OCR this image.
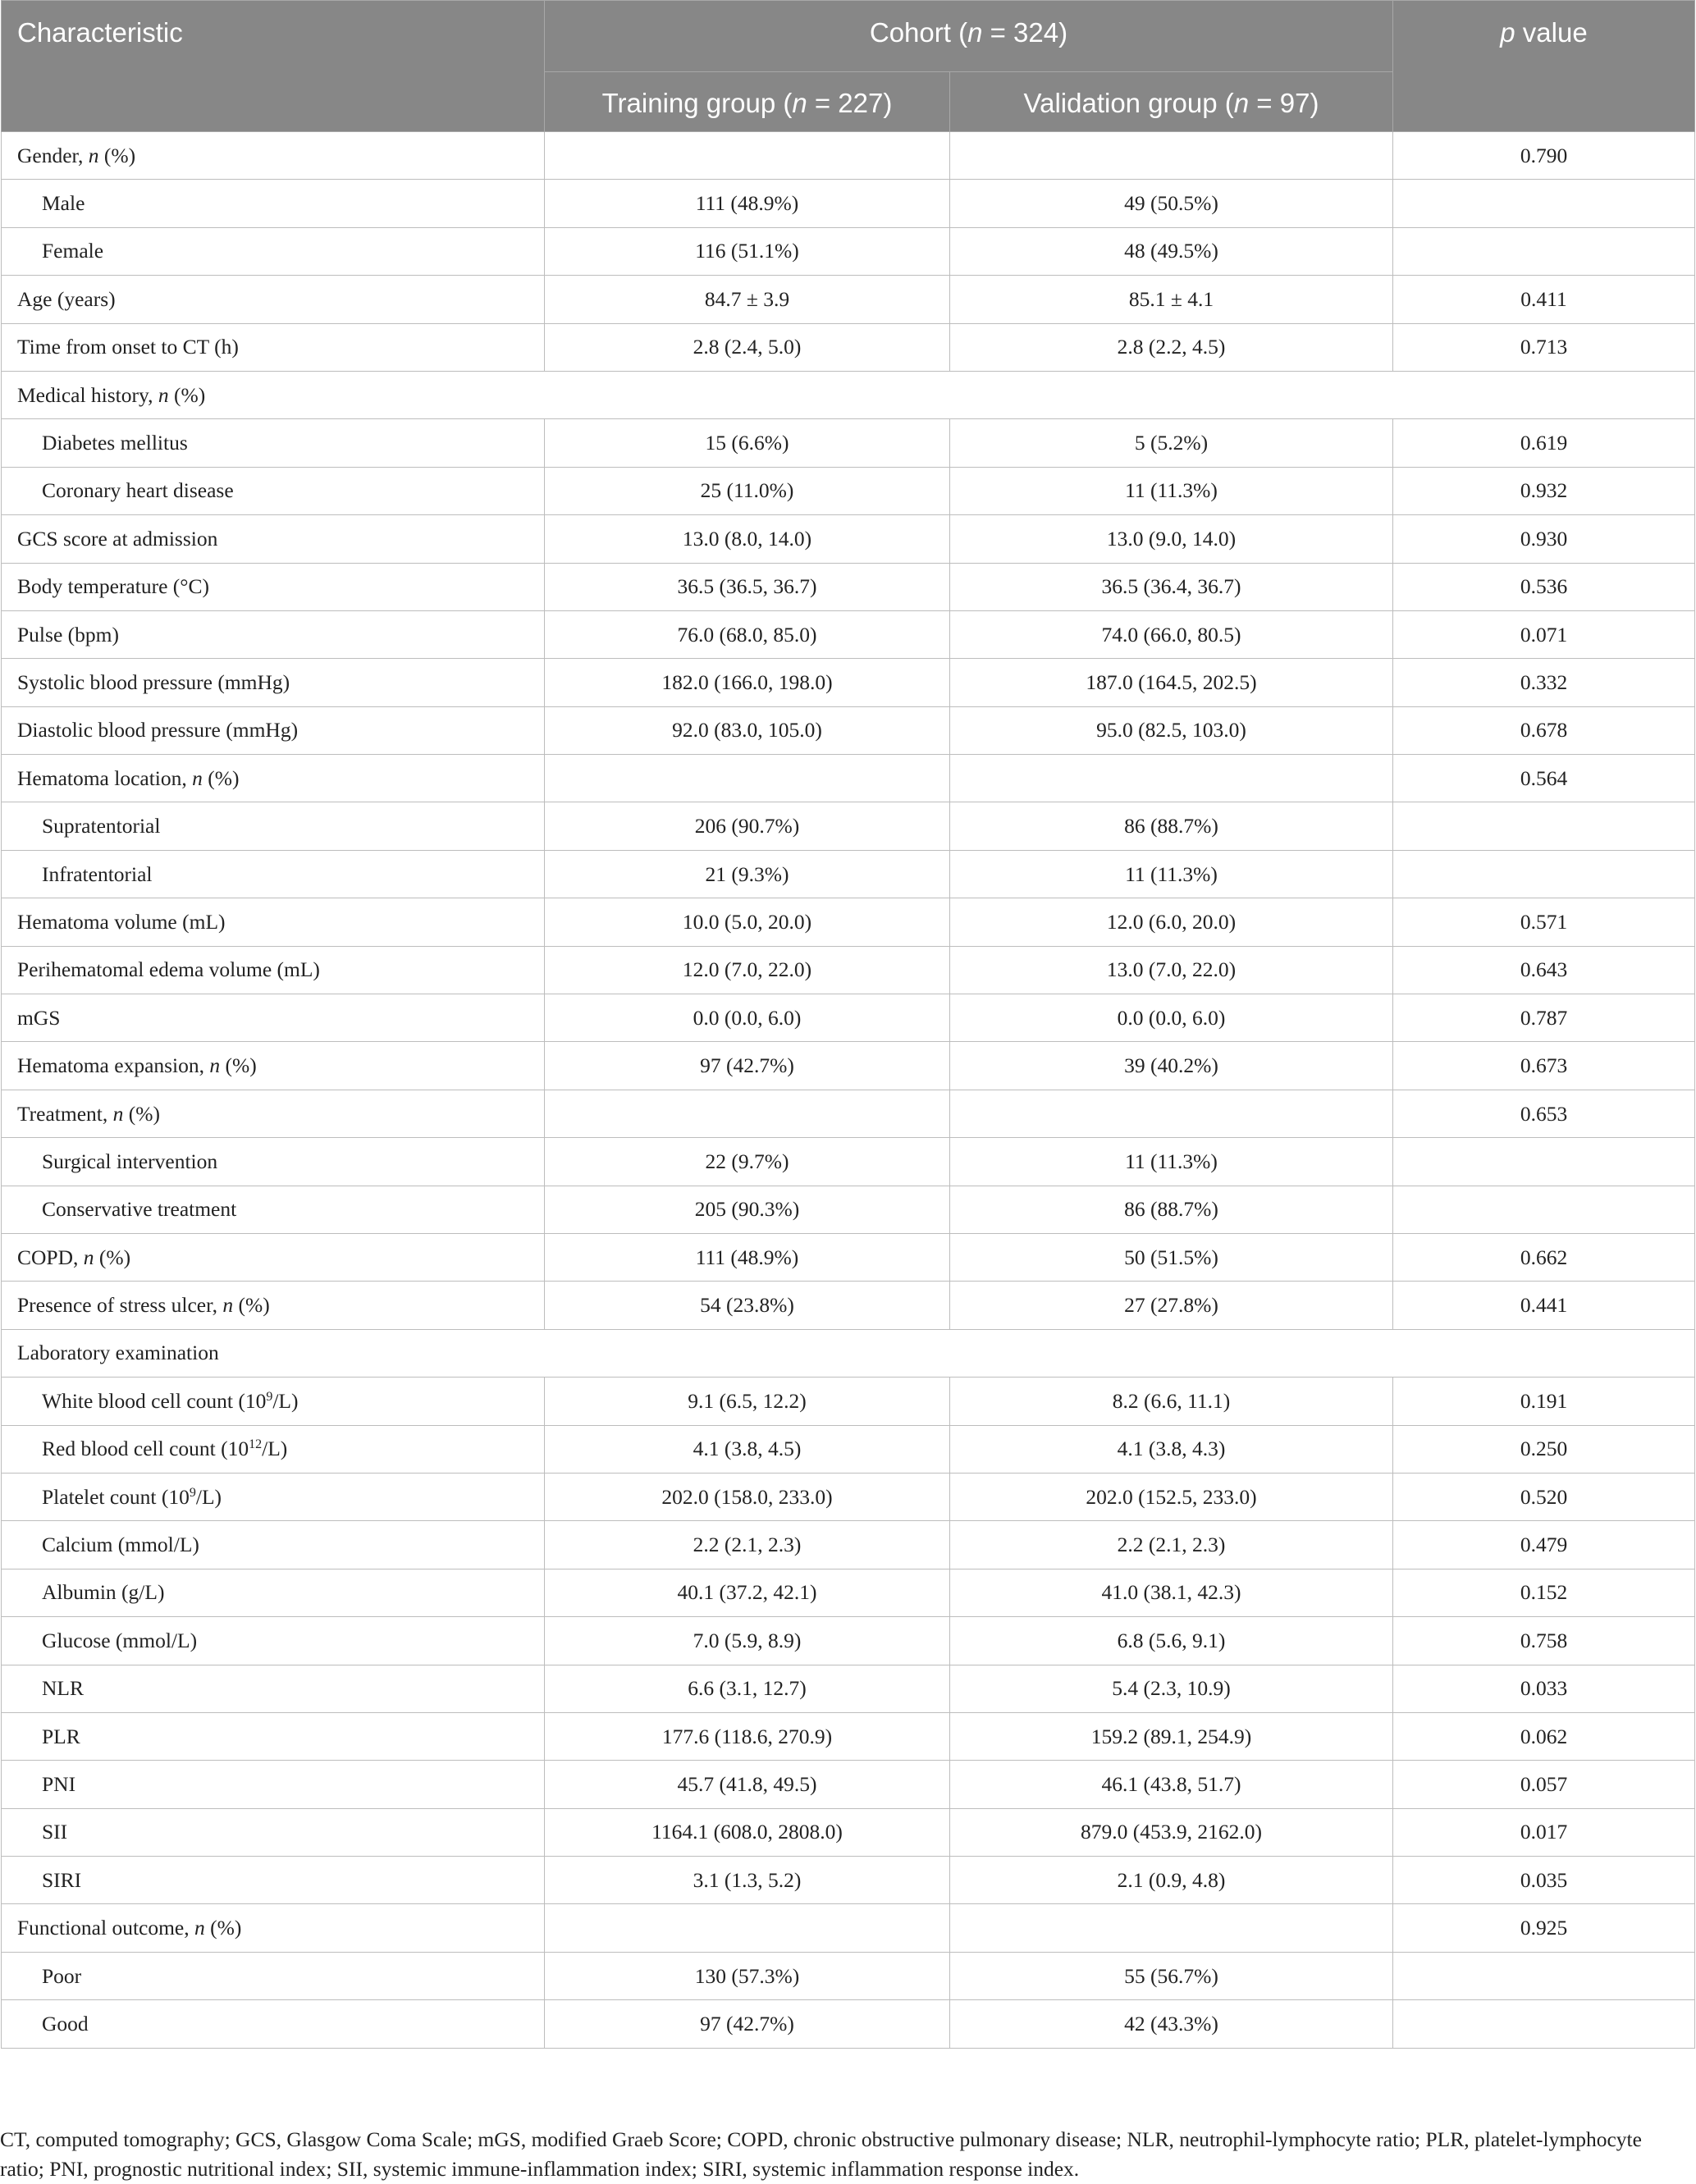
Characteristic	Cohort (n = 324)		p value
	Training group (n = 227)	Validation group (n = 97)	
Gender, n (%)			0.790
Male	111 (48.9%)	49 (50.5%)	
Female	116 (51.1%)	48 (49.5%)	
Age (years)	84.7 ± 3.9	85.1 ± 4.1	0.411
Time from onset to CT (h)	2.8 (2.4, 5.0)	2.8 (2.2, 4.5)	0.713
Medical history, n (%)			
Diabetes mellitus	15 (6.6%)	5 (5.2%)	0.619
Coronary heart disease	25 (11.0%)	11 (11.3%)	0.932
GCS score at admission	13.0 (8.0, 14.0)	13.0 (9.0, 14.0)	0.930
Body temperature (°C)	36.5 (36.5, 36.7)	36.5 (36.4, 36.7)	0.536
Pulse (bpm)	76.0 (68.0, 85.0)	74.0 (66.0, 80.5)	0.071
Systolic blood pressure (mmHg)	182.0 (166.0, 198.0)	187.0 (164.5, 202.5)	0.332
Diastolic blood pressure (mmHg)	92.0 (83.0, 105.0)	95.0 (82.5, 103.0)	0.678
Hematoma location, n (%)			0.564
Supratentorial	206 (90.7%)	86 (88.7%)	
Infratentorial	21 (9.3%)	11 (11.3%)	
Hematoma volume (mL)	10.0 (5.0, 20.0)	12.0 (6.0, 20.0)	0.571
Perihematomal edema volume (mL)	12.0 (7.0, 22.0)	13.0 (7.0, 22.0)	0.643
mGS	0.0 (0.0, 6.0)	0.0 (0.0, 6.0)	0.787
Hematoma expansion, n (%)	97 (42.7%)	39 (40.2%)	0.673
Treatment, n (%)			0.653
Surgical intervention	22 (9.7%)	11 (11.3%)	
Conservative treatment	205 (90.3%)	86 (88.7%)	
COPD, n (%)	111 (48.9%)	50 (51.5%)	0.662
Presence of stress ulcer, n (%)	54 (23.8%)	27 (27.8%)	0.441
Laboratory examination			
White blood cell count $(10^9/L)$	9.1 (6.5, 12.2)	8.2 (6.6, 11.1)	0.191
Red blood cell count $(10^{12}/L)$	4.1 (3.8, 4.5)	4.1 (3.8, 4.3)	0.250
Platelet count $(10^9/L)$	202.0 (158.0, 233.0)	202.0 (152.5, 233.0)	0.520
Calcium (mmol/L)	2.2 (2.1, 2.3)	2.2 (2.1, 2.3)	0.479
Albumin (g/L)	40.1 (37.2, 42.1)	41.0 (38.1, 42.3)	0.152
Glucose (mmol/L)	7.0 (5.9, 8.9)	6.8 (5.6, 9.1)	0.758
NLR	6.6 (3.1, 12.7)	5.4 (2.3, 10.9)	0.033
PLR	177.6 (118.6, 270.9)	159.2 (89.1, 254.9)	0.062
PNI	45.7 (41.8, 49.5)	46.1 (43.8, 51.7)	0.057
SII	1164.1 (608.0, 2808.0)	879.0 (453.9, 2162.0)	0.017
SIRI	3.1 (1.3, 5.2)	2.1 (0.9, 4.8)	0.035
Functional outcome, n (%)			0.925
Poor	130 (57.3%)	55 (56.7%)	
Good	97 (42.7%)	42 (43.3%)	
CT, computed tomography; GCS, Glasgow Coma Scale; mGS, modified Graeb Score; COPD, chronic obstructive pulmonary disease; NLR, neutrophil-lymphocyte ratio; PLR, platelet-lymphocyte ratio; PNI, prognostic nutritional index; SII, systemic immune-inflammation index; SIRI, systemic inflammation response index.
